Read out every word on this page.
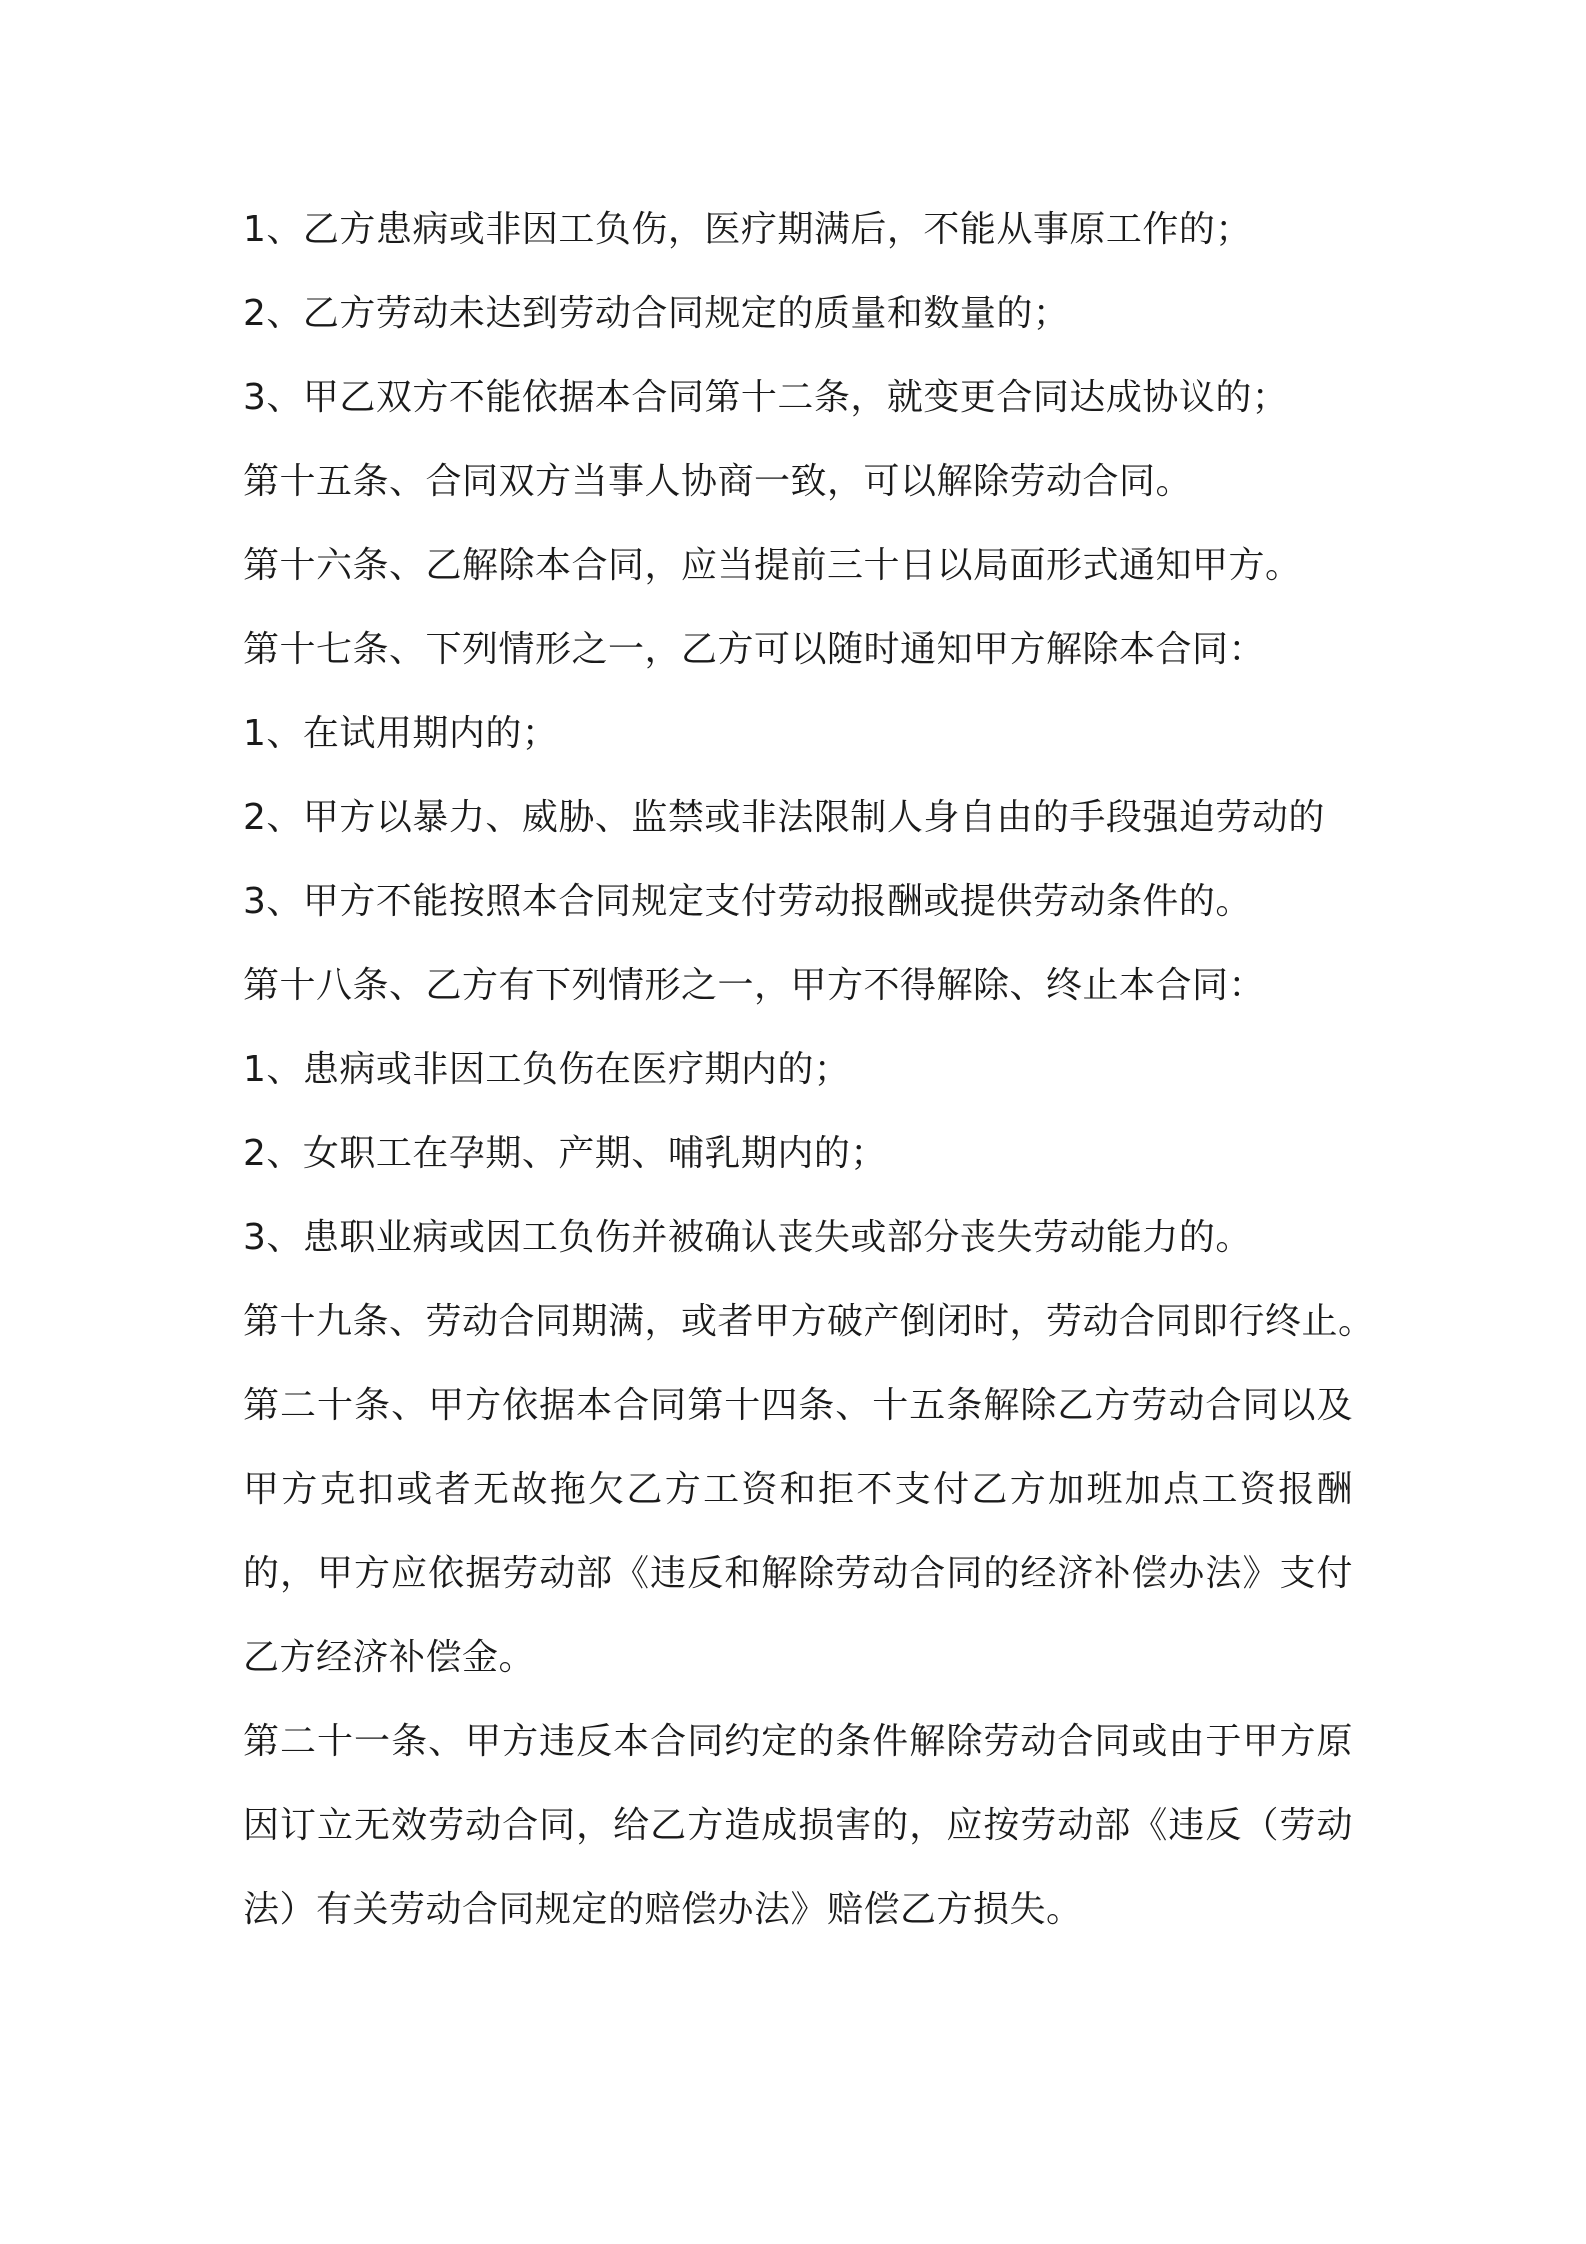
1、乙方患病或非因工负伤，医疗期满后，不能从事原工作的；

2、乙方劳动未达到劳动合同规定的质量和数量的；

3、甲乙双方不能依据本合同第十二条，就变更合同达成协议的；

第十五条、合同双方当事人协商一致，可以解除劳动合同。

第十六条、乙解除本合同，应当提前三十日以局面形式通知甲方。

第十七条、下列情形之一，乙方可以随时通知甲方解除本合同：

1、在试用期内的；

2、甲方以暴力、威胁、监禁或非法限制人身自由的手段强迫劳动的

3、甲方不能按照本合同规定支付劳动报酬或提供劳动条件的。

第十八条、乙方有下列情形之一，甲方不得解除、终止本合同：

1、患病或非因工负伤在医疗期内的；

2、女职工在孕期、产期、哺乳期内的；

3、患职业病或因工负伤并被确认丧失或部分丧失劳动能力的。

第十九条、劳动合同期满，或者甲方破产倒闭时，劳动合同即行终止。

第二十条、甲方依据本合同第十四条、十五条解除乙方劳动合同以及

甲方克扣或者无故拖欠乙方工资和拒不支付乙方加班加点工资报酬

的，甲方应依据劳动部《违反和解除劳动合同的经济补偿办法》支付

乙方经济补偿金。

第二十一条、甲方违反本合同约定的条件解除劳动合同或由于甲方原

因订立无效劳动合同，给乙方造成损害的，应按劳动部《违反（劳动

法）有关劳动合同规定的赔偿办法》赔偿乙方损失。
